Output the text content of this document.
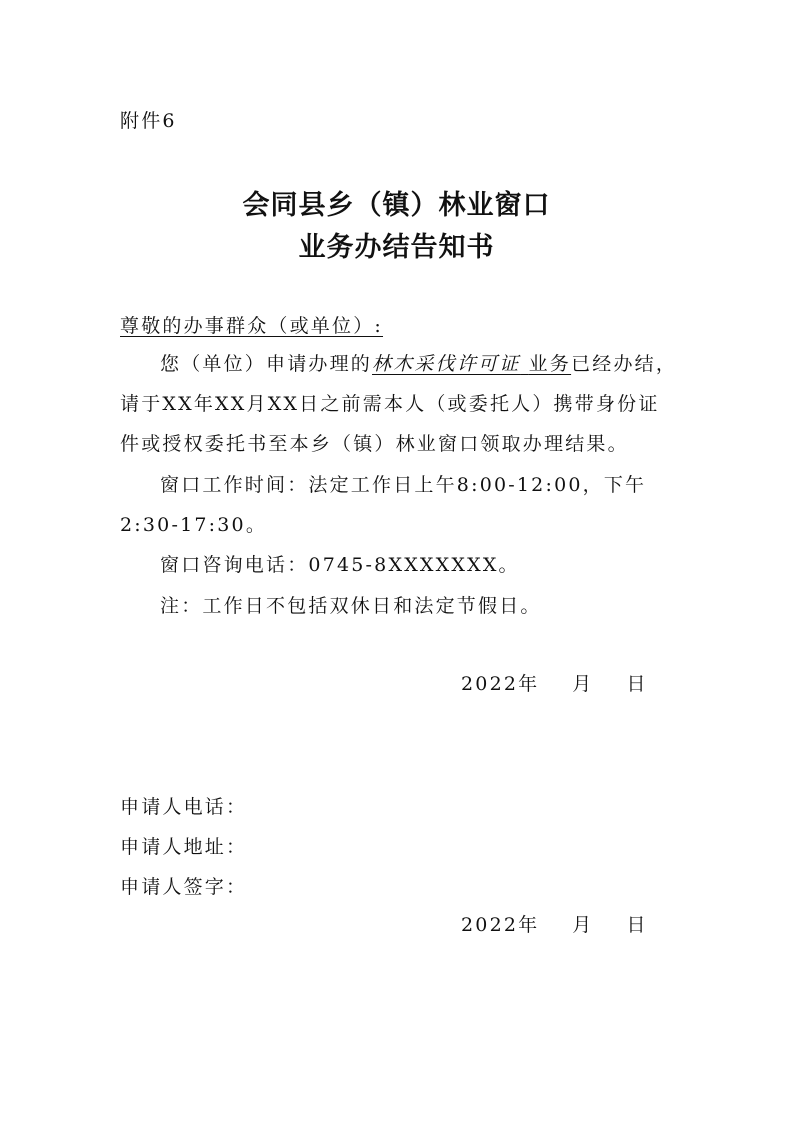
附件6
会同县乡（镇）林业窗口
业务办结告知书
尊敬的办事群众（或单位）:
您（单位）申请办理的林木采伐许可证 业务已经办结，
请于XX年XX月XX日之前需本人（或委托人）携带身份证
件或授权委托书至本乡（镇）林业窗口领取办理结果。
窗口工作时间：法定工作日上午8:00-12:00，下午
2:30-17:30。
窗口咨询电话：0745-8XXXXXXX。
注：工作日不包括双休日和法定节假日。
2022年    月    日
申请人电话：
申请人地址：
申请人签字：
2022年    月    日
